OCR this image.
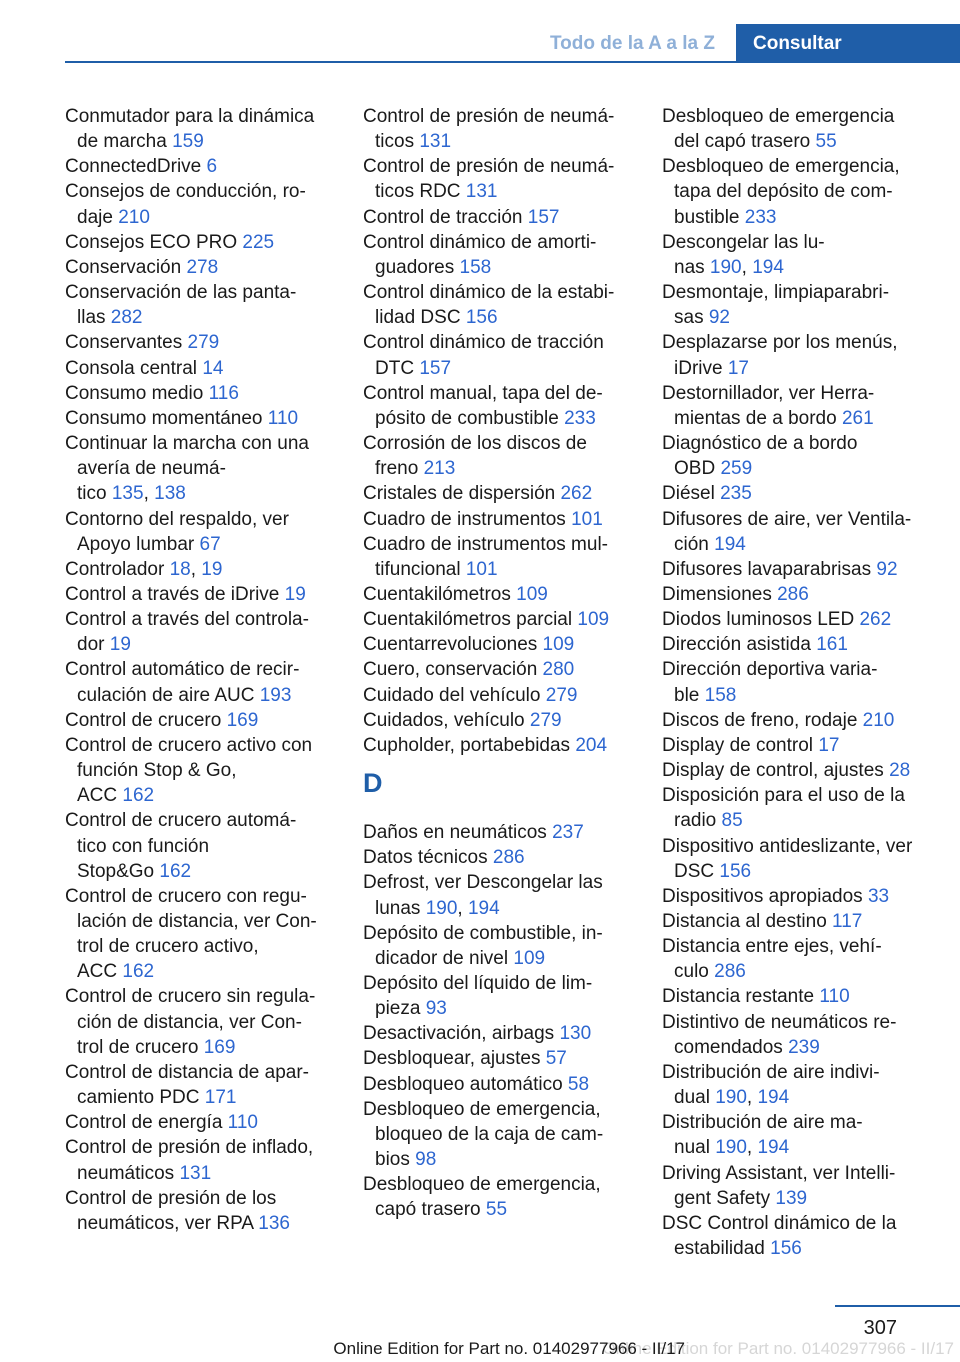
Todo de la A a la Z	Consultar
Conmutador para la dinámica
de marcha 159
ConnectedDrive 6
Consejos de conducción, ro‐
daje 210
Consejos ECO PRO 225
Conservación 278
Conservación de las panta‐
llas 282
Conservantes 279
Consola central 14
Consumo medio 116
Consumo momentáneo 110
Continuar la marcha con una
avería de neumá‐
tico 135, 138
Contorno del respaldo, ver
Apoyo lumbar 67
Controlador 18, 19
Control a través de iDrive 19
Control a través del controla‐
dor 19
Control automático de recir‐
culación de aire AUC 193
Control de crucero 169
Control de crucero activo con
función Stop & Go,
ACC 162
Control de crucero automá‐
tico con función
Stop&Go 162
Control de crucero con regu‐
lación de distancia, ver Con‐
trol de crucero activo,
ACC 162
Control de crucero sin regula‐
ción de distancia, ver Con‐
trol de crucero 169
Control de distancia de apar‐
camiento PDC 171
Control de energía 110
Control de presión de inflado,
neumáticos 131
Control de presión de los
neumáticos, ver RPA 136
Control de presión de neumá‐
ticos 131
Control de presión de neumá‐
ticos RDC 131
Control de tracción 157
Control dinámico de amorti‐
guadores 158
Control dinámico de la estabi‐
lidad DSC 156
Control dinámico de tracción
DTC 157
Control manual, tapa del de‐
pósito de combustible 233
Corrosión de los discos de
freno 213
Cristales de dispersión 262
Cuadro de instrumentos 101
Cuadro de instrumentos mul‐
tifuncional 101
Cuentakilómetros 109
Cuentakilómetros parcial 109
Cuentarrevoluciones 109
Cuero, conservación 280
Cuidado del vehículo 279
Cuidados, vehículo 279
Cupholder, portabebidas 204
D
Daños en neumáticos 237
Datos técnicos 286
Defrost, ver Descongelar las
lunas 190, 194
Depósito de combustible, in‐
dicador de nivel 109
Depósito del líquido de lim‐
pieza 93
Desactivación, airbags 130
Desbloquear, ajustes 57
Desbloqueo automático 58
Desbloqueo de emergencia,
bloqueo de la caja de cam‐
bios 98
Desbloqueo de emergencia,
capó trasero 55
Desbloqueo de emergencia
del capó trasero 55
Desbloqueo de emergencia,
tapa del depósito de com‐
bustible 233
Descongelar las lu‐
nas 190, 194
Desmontaje, limpiaparabri‐
sas 92
Desplazarse por los menús,
iDrive 17
Destornillador, ver Herra‐
mientas de a bordo 261
Diagnóstico de a bordo
OBD 259
Diésel 235
Difusores de aire, ver Ventila‐
ción 194
Difusores lavaparabrisas 92
Dimensiones 286
Diodos luminosos LED 262
Dirección asistida 161
Dirección deportiva varia‐
ble 158
Discos de freno, rodaje 210
Display de control 17
Display de control, ajustes 28
Disposición para el uso de la
radio 85
Dispositivo antideslizante, ver
DSC 156
Dispositivos apropiados 33
Distancia al destino 117
Distancia entre ejes, vehí‐
culo 286
Distancia restante 110
Distintivo de neumáticos re‐
comendados 239
Distribución de aire indivi‐
dual 190, 194
Distribución de aire ma‐
nual 190, 194
Driving Assistant, ver Intelli‐
gent Safety 139
DSC Control dinámico de la
estabilidad 156
307
Online Edition for Part no. 01402977966 - II/17
Online Edition for Part no. 01402977966 - II/17
